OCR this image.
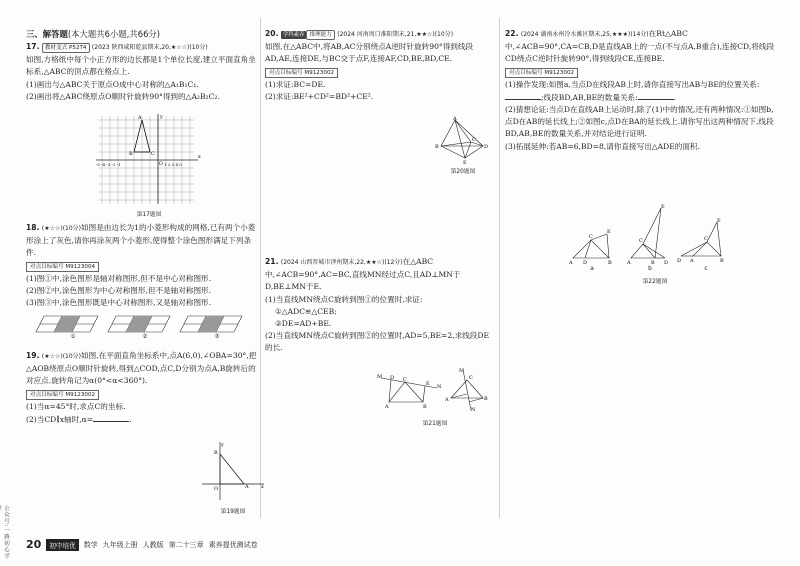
三、解答题(本大题共6小题,共66分)

17. 教材变式 P52T4 (2023 陕西咸阳乾县期末,20,★☆☆)(10分)

如图,方格纸中每个小正方形的边长都是1个单位长度,建立平面直角坐标系,△ABC的顶点都在格点上.

(1)画出与△ABC关于原点O成中心对称的△A₁B₁C₁.

(2)画出将△ABC绕原点O顺时针旋转90°得到的△A₂B₂C₂.

A
B	C
y
x
O
-5 -4 -3 -2 -1	1 2 3 4 5
第17题图

18. (★☆☆)(10分)如图是由边长为1的小菱形构成的网格,已有两个小菱形涂上了灰色,请你再涂灰两个小菱形,使得整个涂色图形满足下列条件.

对点目标编号 M9123004

(1)图①中,涂色图形是轴对称图形,但不是中心对称图形.

(2)图②中,涂色图形为中心对称图形,但不是轴对称图形.

(3)图③中,涂色图形既是中心对称图形,又是轴对称图形.

①	②	③

19. (★☆☆)(10分)如图,在平面直角坐标系中,点A(6,0),∠OBA=30°,把△AOB绕原点O顺时针旋转,得到△COD,点C,D分别为点A,B旋转后的对应点.旋转角记为α(0°<α<360°).

对点目标编号 M9123002

(1)当α=45°时,求点C的坐标.

(2)当CD∥x轴时,α=	.

y
B
A x
O
第19题图

20. 学科素养 推理能力 (2024 河南周口淮阳期末,21,★★☆)(10分)

如图,在△ABC中,将AB,AC分别绕点A逆时针旋转90°得到线段AD,AE,连接DE,与BC交于点F,连接AF,CD,BE,BD,CE.

对点目标编号 M9123002

(1)求证:BC=DE.

(2)求证:BE²+CD²=BD²+CE².

A
B	D
E
C
第20题图

21. (2024 山西晋城市泽州期末,22,★★☆)(12分)在△ABC中,∠ACB=90°,AC=BC,直线MN经过点C,且AD⊥MN于D,BE⊥MN于E.

(1)当直线MN绕点C旋转到图①的位置时,求证:

①△ADC≌△CEB;

②DE=AD+BE.

(2)当直线MN绕点C旋转到图②的位置时,AD=5,BE=2,求线段DE的长.

M
N
C
A	B
D
E
M
C
A	B
N
第21题图

22. (2024 湖南永州冷水滩区期末,25,★★★)(14分)在Rt△ABC中,∠ACB=90°,CA=CB,D是直线AB上的一点(不与点A,B重合),连接CD,将线段CD绕点C逆时针旋转90°,得到线段CE,连接BE.

对点目标编号 M9123002

(1)操作发现:如图a,当点D在线段AB上时,请你直接写出AB与BE的位置关系:;线段BD,AB,BE的数量关系:	.

(2)猜想论证:当点D在直线AB上运动时,除了(1)中的情况,还有两种情况:①如图b,点D在AB的延长线上;②如图c,点D在BA的延长线上.请你写出这两种情况下,线段BD,AB,BE的数量关系,并对结论进行证明.

(3)拓展延伸:若AB=6,BD=8,请你直接写出△ADE的面积.

C
E
A D	B
E
C
A	B D
E
C
D A	B
a	b	c
第22题图
20	初中培优	数学 九年级上册 人教版 第二十三章 素养提优测试卷
公众号:一路初心学
